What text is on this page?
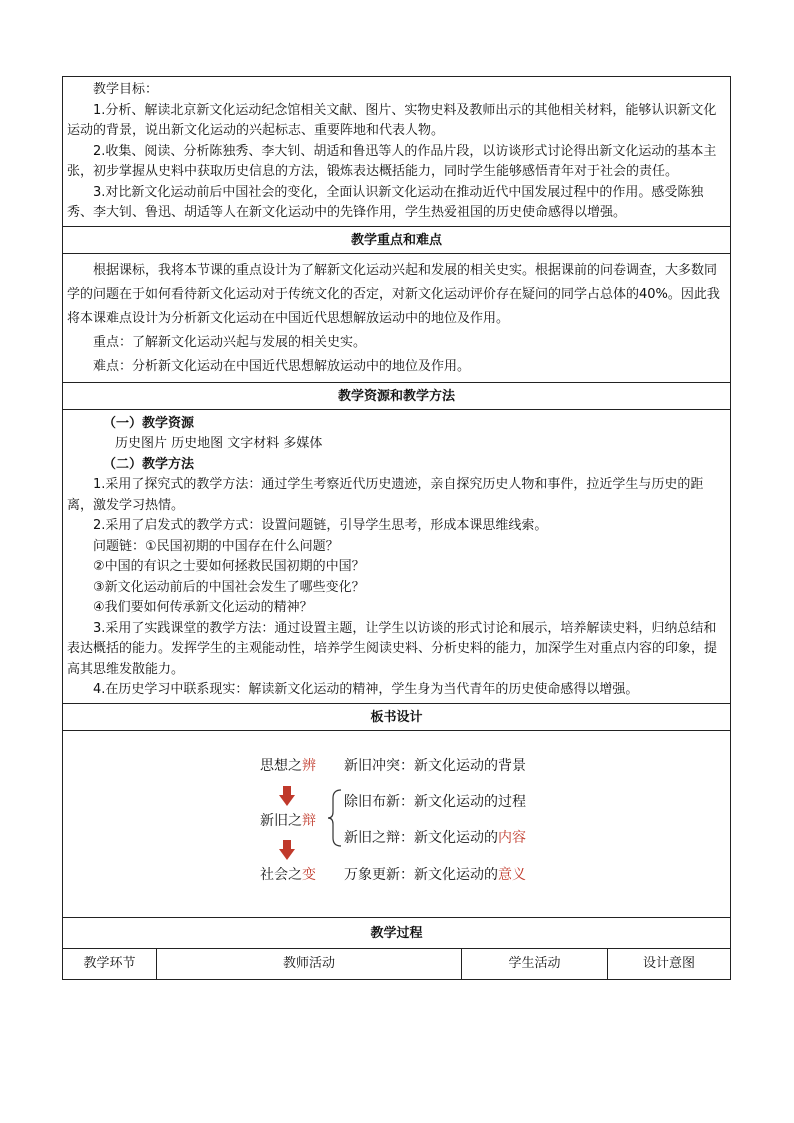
教学目标：

1.分析、解读北京新文化运动纪念馆相关文献、图片、实物史料及教师出示的其他相关材料，能够认识新文化运动的背景，说出新文化运动的兴起标志、重要阵地和代表人物。

2.收集、阅读、分析陈独秀、李大钊、胡适和鲁迅等人的作品片段，以访谈形式讨论得出新文化运动的基本主张，初步掌握从史料中获取历史信息的方法，锻炼表达概括能力，同时学生能够感悟青年对于社会的责任。

3.对比新文化运动前后中国社会的变化，全面认识新文化运动在推动近代中国发展过程中的作用。感受陈独秀、李大钊、鲁迅、胡适等人在新文化运动中的先锋作用，学生热爱祖国的历史使命感得以增强。

教学重点和难点

根据课标，我将本节课的重点设计为了解新文化运动兴起和发展的相关史实。根据课前的问卷调查，大多数同学的问题在于如何看待新文化运动对于传统文化的否定，对新文化运动评价存在疑问的同学占总体的40%。因此我将本课难点设计为分析新文化运动在中国近代思想解放运动中的地位及作用。

重点：了解新文化运动兴起与发展的相关史实。

难点：分析新文化运动在中国近代思想解放运动中的地位及作用。

教学资源和教学方法

（一）教学资源

历史图片 历史地图 文字材料 多媒体

（二）教学方法

1.采用了探究式的教学方法：通过学生考察近代历史遗迹，亲自探究历史人物和事件，拉近学生与历史的距离，激发学习热情。

2.采用了启发式的教学方式：设置问题链，引导学生思考，形成本课思维线索。

问题链：①民国初期的中国存在什么问题？

②中国的有识之士要如何拯救民国初期的中国？

③新文化运动前后的中国社会发生了哪些变化？

④我们要如何传承新文化运动的精神？

3.采用了实践课堂的教学方法：通过设置主题，让学生以访谈的形式讨论和展示，培养解读史料，归纳总结和表达概括的能力。发挥学生的主观能动性，培养学生阅读史料、分析史料的能力，加深学生对重点内容的印象，提高其思维发散能力。

4.在历史学习中联系现实：解读新文化运动的精神，学生身为当代青年的历史使命感得以增强。

板书设计
思想之辨 新旧冲突：新文化运动的背景
新旧之辩
除旧布新：新文化运动的过程
新旧之辩：新文化运动的内容
社会之变 万象更新：新文化运动的意义
教学过程
教学环节	教师活动	学生活动	设计意图
